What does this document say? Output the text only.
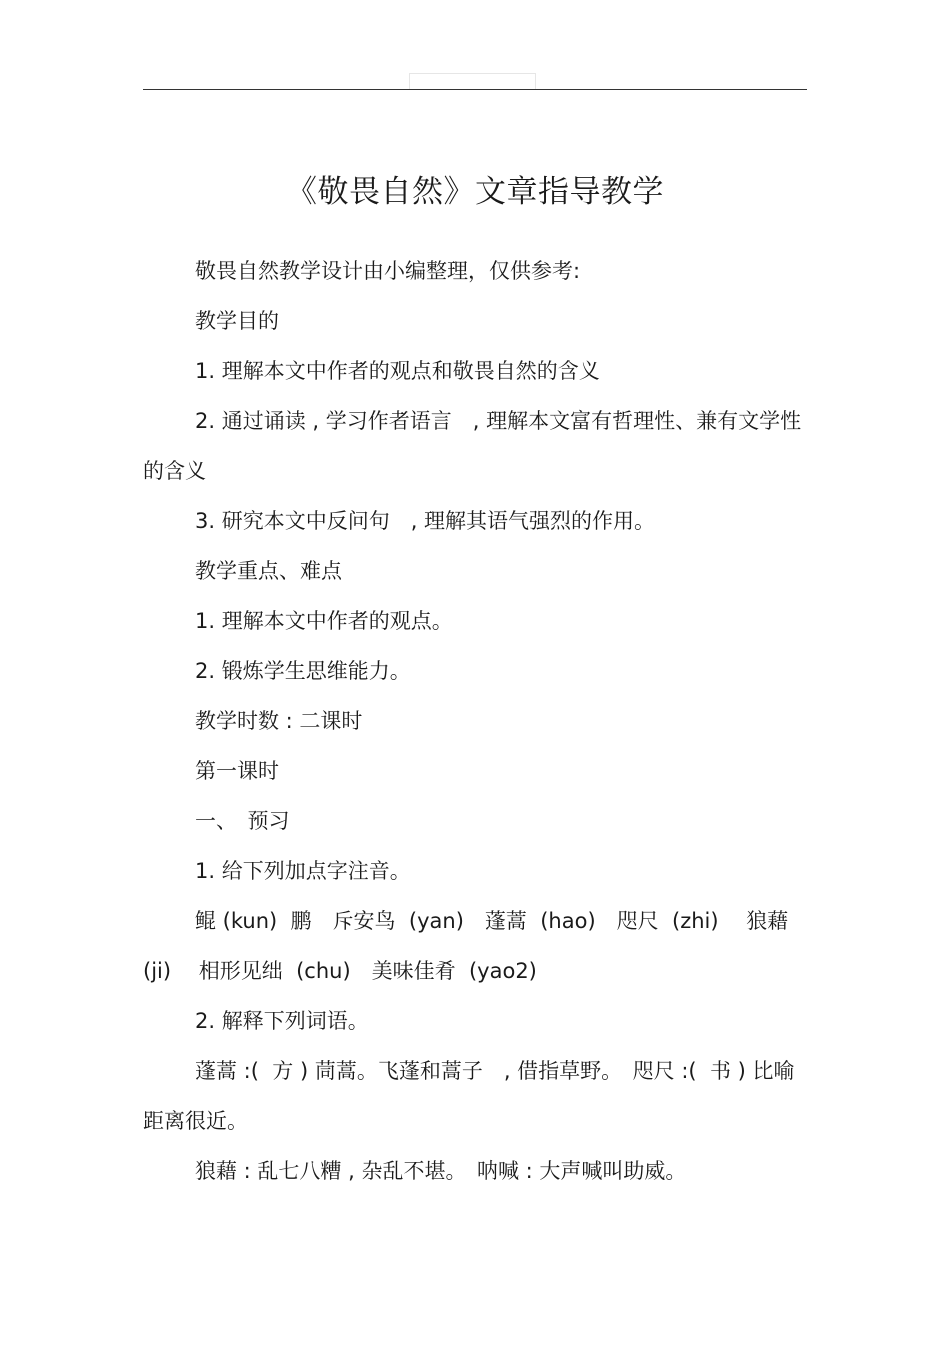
《敬畏自然》文章指导教学

敬畏自然教学设计由小编整理，仅供参考:

教学目的

1. 理解本文中作者的观点和敬畏自然的含义

2. 通过诵读 , 学习作者语言　, 理解本文富有哲理性、兼有文学性的含义

3. 研究本文中反问句　, 理解其语气强烈的作用。

教学重点、难点

1. 理解本文中作者的观点。

2. 锻炼学生思维能力。

教学时数 : 二课时

第一课时

一、　预习

1. 给下列加点字注音。

鲲 (kun)  鹏　斥安鸟  (yan)　蓬蒿  (hao)　咫尺  (zhi)　 狼藉 (ji)　 相形见绌  (chu)　美味佳肴  (yao2)

2. 解释下列词语。

蓬蒿 :(  方 ) 茼蒿。飞蓬和蒿子　, 借指草野。　咫尺 :(  书 ) 比喻距离很近。

狼藉 : 乱七八糟 , 杂乱不堪。　呐喊 : 大声喊叫助威。
